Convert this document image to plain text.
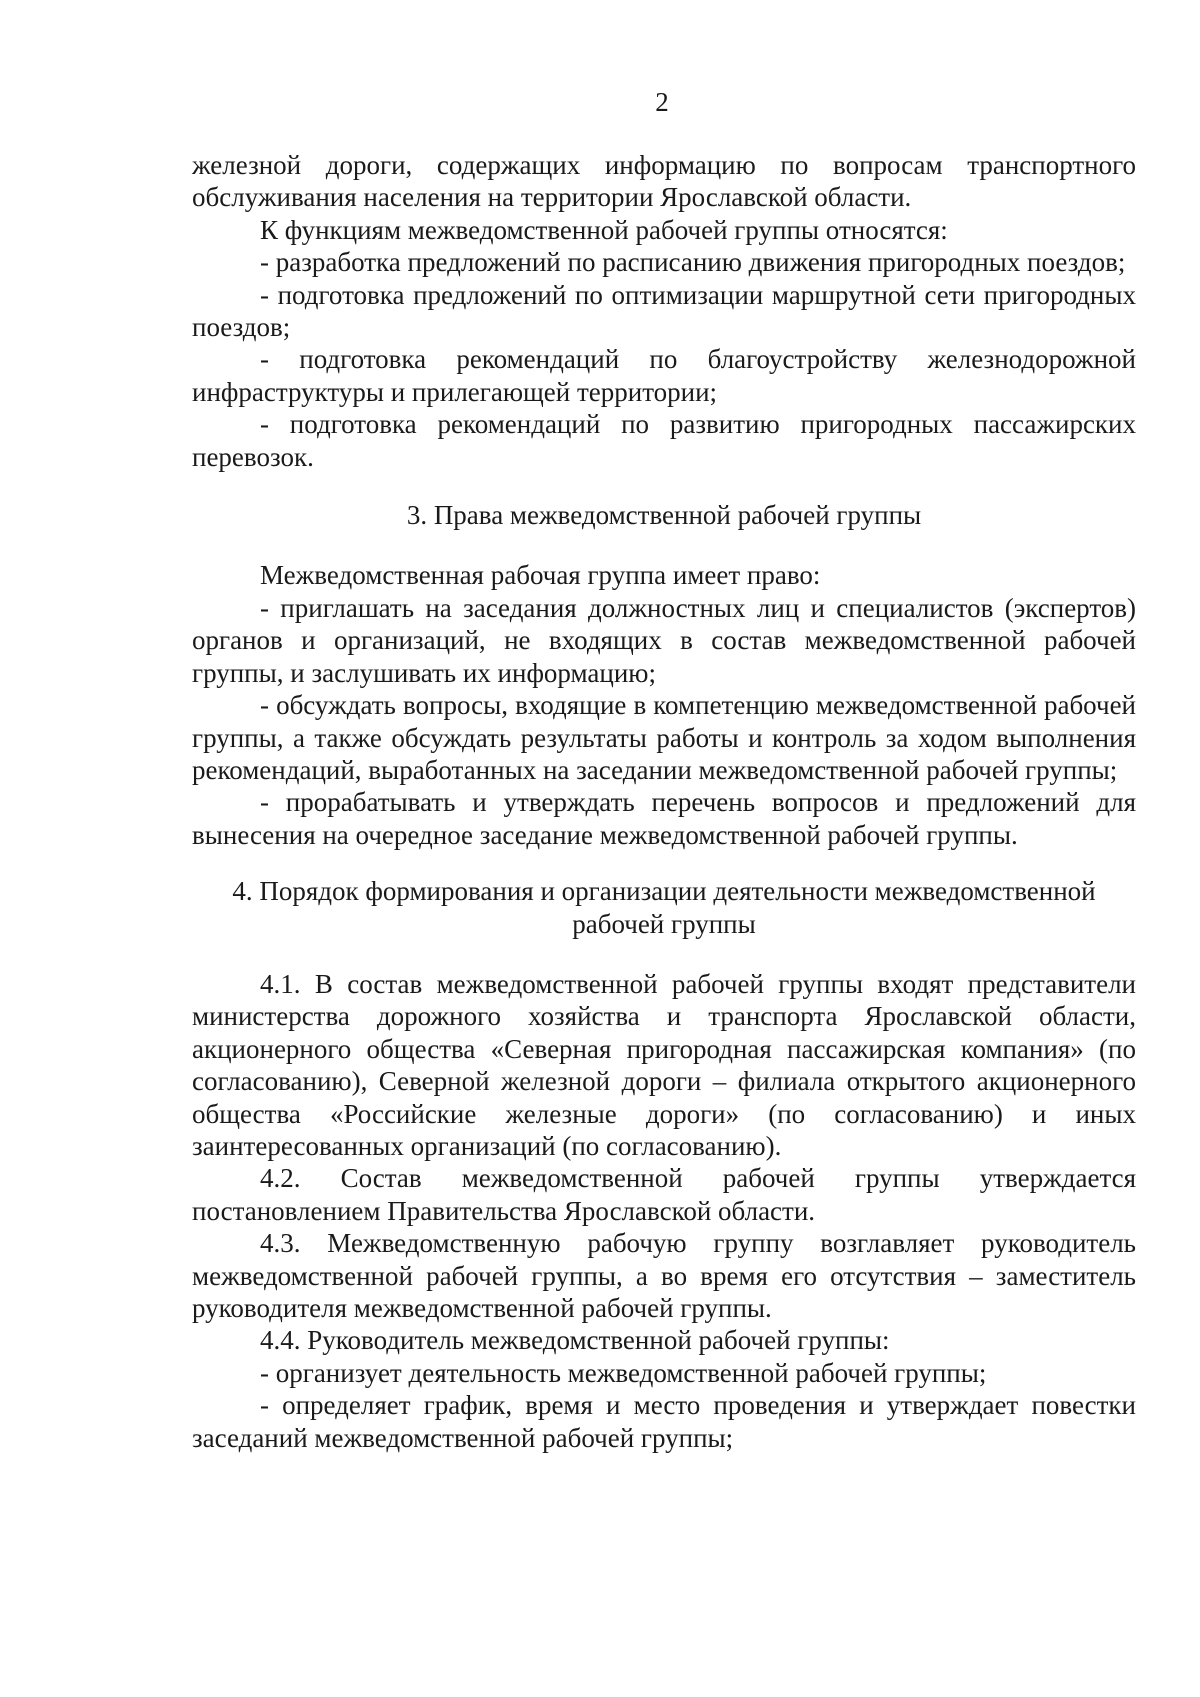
2

железной дороги, содержащих информацию по вопросам транспортного обслуживания населения на территории Ярославской области.

К функциям межведомственной рабочей группы относятся:

- разработка предложений по расписанию движения пригородных поездов;

- подготовка предложений по оптимизации маршрутной сети пригородных поездов;

- подготовка рекомендаций по благоустройству железнодорожной инфраструктуры и прилегающей территории;

- подготовка рекомендаций по развитию пригородных пассажирских перевозок.

3. Права межведомственной рабочей группы

Межведомственная рабочая группа имеет право:

- приглашать на заседания должностных лиц и специалистов (экспертов) органов и организаций, не входящих в состав межведомственной рабочей группы, и заслушивать их информацию;

- обсуждать вопросы, входящие в компетенцию межведомственной рабочей группы, а также обсуждать результаты работы и контроль за ходом выполнения рекомендаций, выработанных на заседании межведомственной рабочей группы;

- прорабатывать и утверждать перечень вопросов и предложений для вынесения на очередное заседание межведомственной рабочей группы.

4. Порядок формирования и организации деятельности межведомственной

рабочей группы

4.1. В состав межведомственной рабочей группы входят представители министерства дорожного хозяйства и транспорта Ярославской области, акционерного общества «Северная пригородная пассажирская компания» (по согласованию), Северной железной дороги – филиала открытого акционерного общества «Российские железные дороги» (по согласованию) и иных заинтересованных организаций (по согласованию).

4.2. Состав межведомственной рабочей группы утверждается постановлением Правительства Ярославской области.

4.3. Межведомственную рабочую группу возглавляет руководитель межведомственной рабочей группы, а во время его отсутствия – заместитель руководителя межведомственной рабочей группы.

4.4. Руководитель межведомственной рабочей группы:

- организует деятельность межведомственной рабочей группы;

- определяет график, время и место проведения и утверждает повестки заседаний межведомственной рабочей группы;
